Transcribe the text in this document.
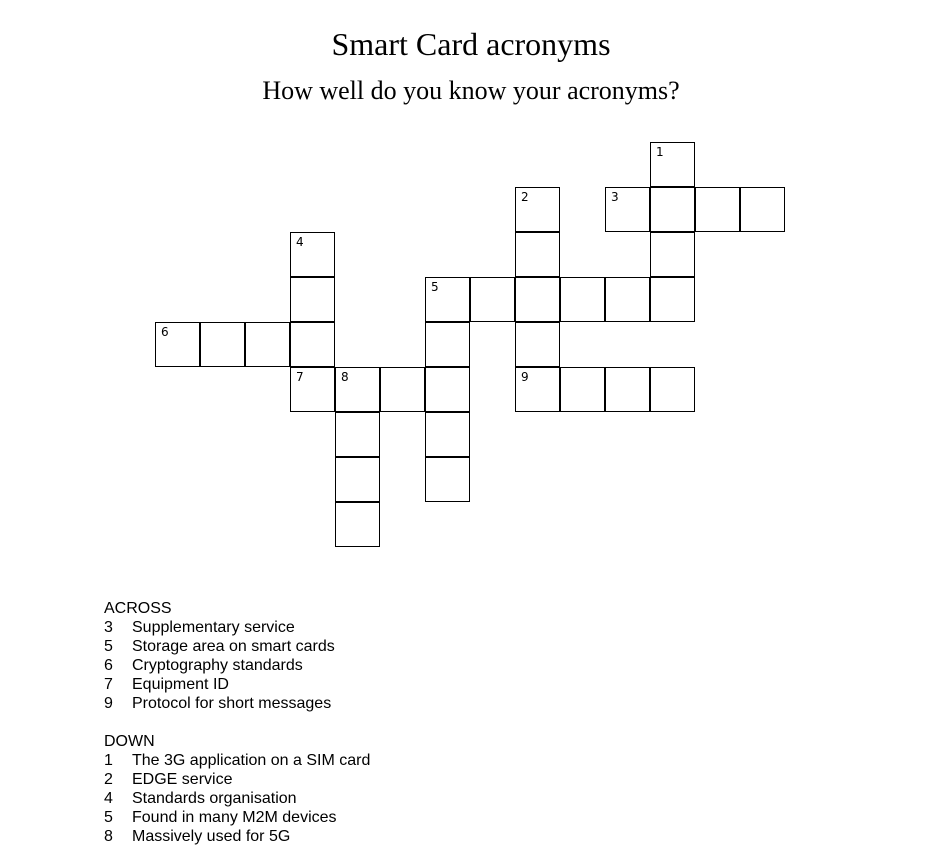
Smart Card acronyms
How well do you know your acronyms?
1
2	3
4
5
6
7	8	9
ACROSS
3 Supplementary service
5 Storage area on smart cards
6 Cryptography standards
7 Equipment ID
9 Protocol for short messages
DOWN
1 The 3G application on a SIM card
2 EDGE service
4 Standards organisation
5 Found in many M2M devices
8 Massively used for 5G
